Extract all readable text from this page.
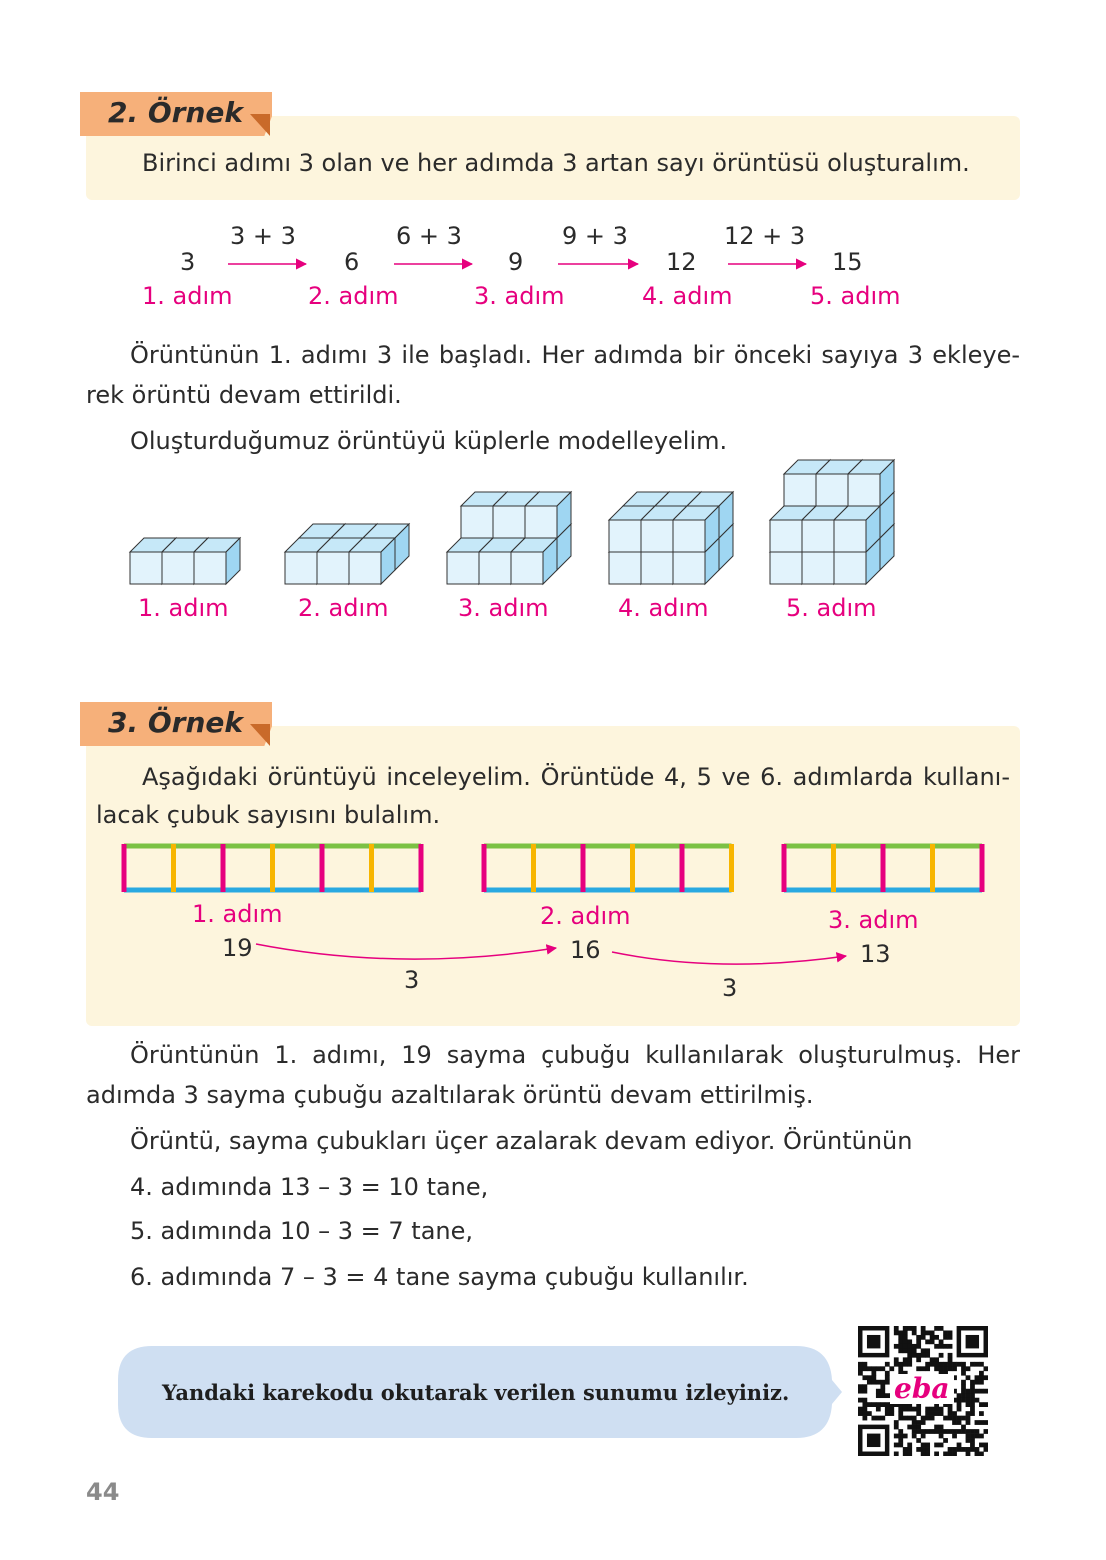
2. Örnek
Birinci adımı 3 olan ve her adımda 3 artan sayı örüntüsü oluşturalım.
3	6	9	12	15
3 + 3	6 + 3	9 + 3	12 + 3
1. adım	2. adım	3. adım	4. adım	5. adım
Örüntünün 1. adımı 3 ile başladı. Her adımda bir önceki sayıya 3 ekleye-
rek örüntü devam ettirildi.
Oluşturduğumuz örüntüyü küplerle modelleyelim.
1. adım	2. adım	3. adım	4. adım	5. adım
3. Örnek
Aşağıdaki örüntüyü inceleyelim. Örüntüde 4, 5 ve 6. adımlarda kullanı-
lacak çubuk sayısını bulalım.
1. adım	2. adım	3. adım
19	16	13
3	3
Örüntünün 1. adımı, 19 sayma çubuğu kullanılarak oluşturulmuş. Her
adımda 3 sayma çubuğu azaltılarak örüntü devam ettirilmiş.
Örüntü, sayma çubukları üçer azalarak devam ediyor. Örüntünün
4. adımında 13 – 3 = 10 tane,
5. adımında 10 – 3 = 7 tane,
6. adımında 7 – 3 = 4 tane sayma çubuğu kullanılır.
Yandaki karekodu okutarak verilen sunumu izleyiniz.	eba
44
